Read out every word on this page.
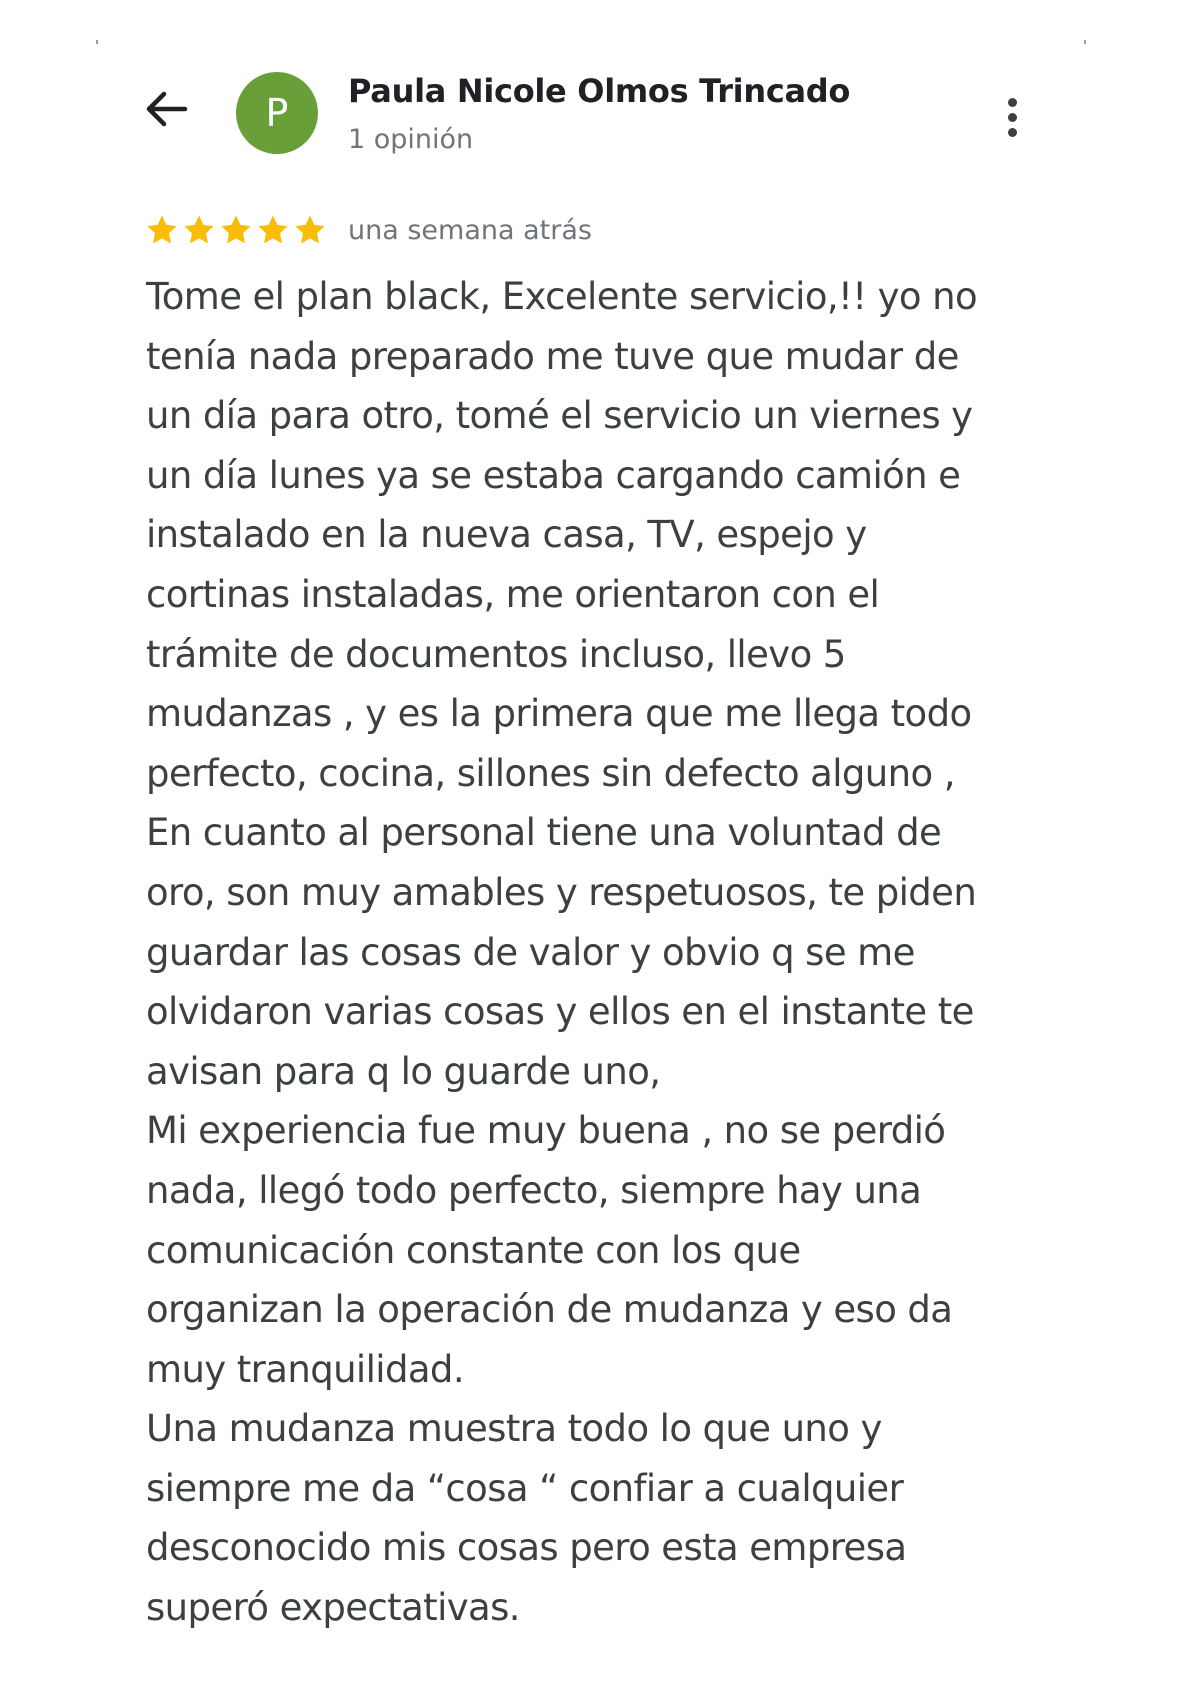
P Paula Nicole Olmos Trincado
1 opinión
una semana atrás
Tome el plan black, Excelente servicio,!! yo no
tenía nada preparado me tuve que mudar de
un día para otro, tomé el servicio un viernes y
un día lunes ya se estaba cargando camión e
instalado en la nueva casa, TV, espejo y
cortinas instaladas, me orientaron con el
trámite de documentos incluso, llevo 5
mudanzas , y es la primera que me llega todo
perfecto, cocina, sillones sin defecto alguno ,
En cuanto al personal tiene una voluntad de
oro, son muy amables y respetuosos, te piden
guardar las cosas de valor y obvio q se me
olvidaron varias cosas y ellos en el instante te
avisan para q lo guarde uno,
Mi experiencia fue muy buena , no se perdió
nada, llegó todo perfecto, siempre hay una
comunicación constante con los que
organizan la operación de mudanza y eso da
muy tranquilidad.
Una mudanza muestra todo lo que uno y
siempre me da “cosa “ confiar a cualquier
desconocido mis cosas pero esta empresa
superó expectativas.
